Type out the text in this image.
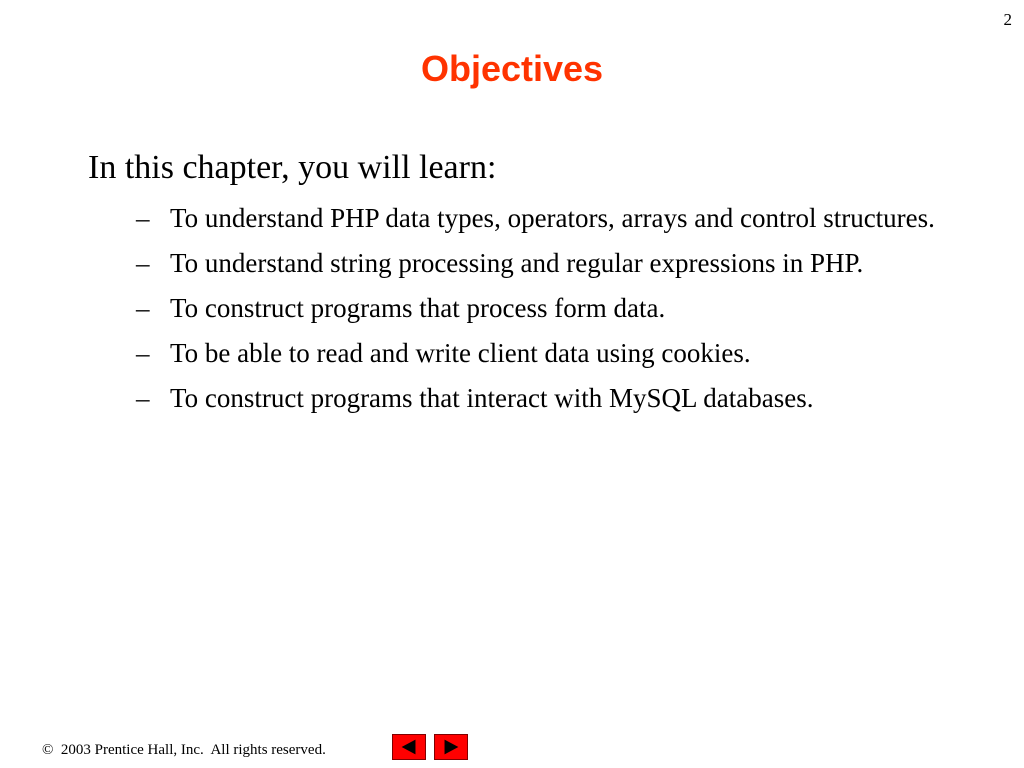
2
Objectives
In this chapter, you will learn:
– To understand PHP data types, operators, arrays and control structures.
– To understand string processing and regular expressions in PHP.
– To construct programs that process form data.
– To be able to read and write client data using cookies.
– To construct programs that interact with MySQL databases.
©  2003 Prentice Hall, Inc.  All rights reserved.
